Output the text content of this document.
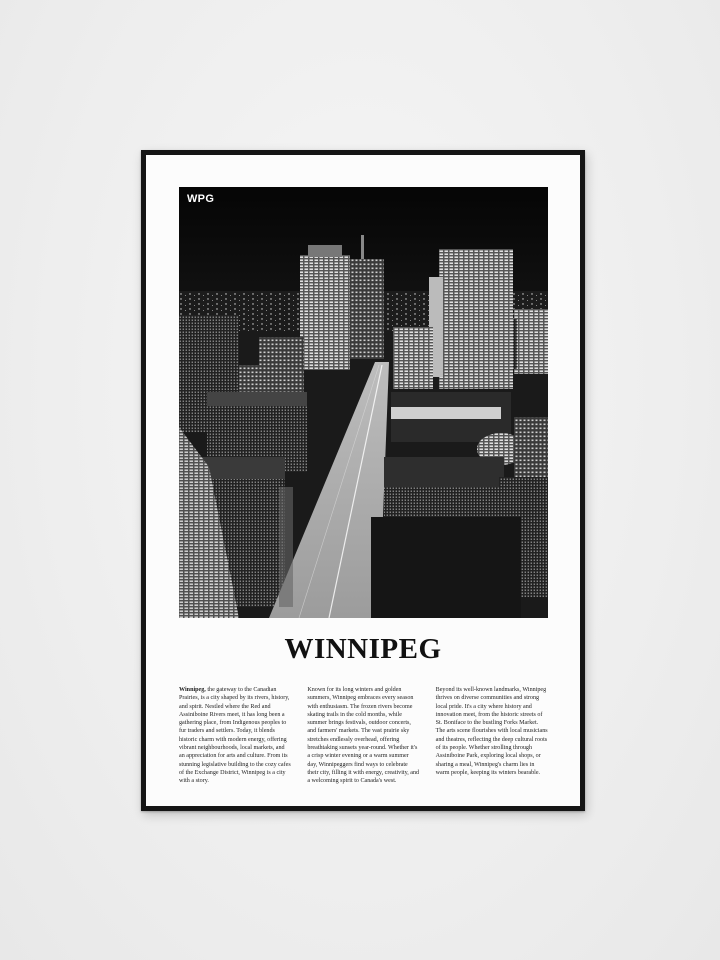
WPG
WINNIPEG
Winnipeg, the gateway to the Canadian Prairies, is a city shaped by its rivers, history, and spirit. Nestled where the Red and Assiniboine Rivers meet, it has long been a gathering place, from Indigenous peoples to fur traders and settlers. Today, it blends historic charm with modern energy, offering vibrant neighbourhoods, local markets, and an appreciation for arts and culture. From its stunning legislative building to the cozy cafes of the Exchange District, Winnipeg is a city with a story.
Known for its long winters and golden summers, Winnipeg embraces every season with enthusiasm. The frozen rivers become skating trails in the cold months, while summer brings festivals, outdoor concerts, and farmers' markets. The vast prairie sky stretches endlessly overhead, offering breathtaking sunsets year-round. Whether it's a crisp winter evening or a warm summer day, Winnipeggers find ways to celebrate their city, filling it with energy, creativity, and a welcoming spirit to Canada's west.
Beyond its well-known landmarks, Winnipeg thrives on diverse communities and strong local pride. It's a city where history and innovation meet, from the historic streets of St. Boniface to the bustling Forks Market. The arts scene flourishes with local musicians and theatres, reflecting the deep cultural roots of its people. Whether strolling through Assiniboine Park, exploring local shops, or sharing a meal, Winnipeg's charm lies in warm people, keeping its winters bearable.
